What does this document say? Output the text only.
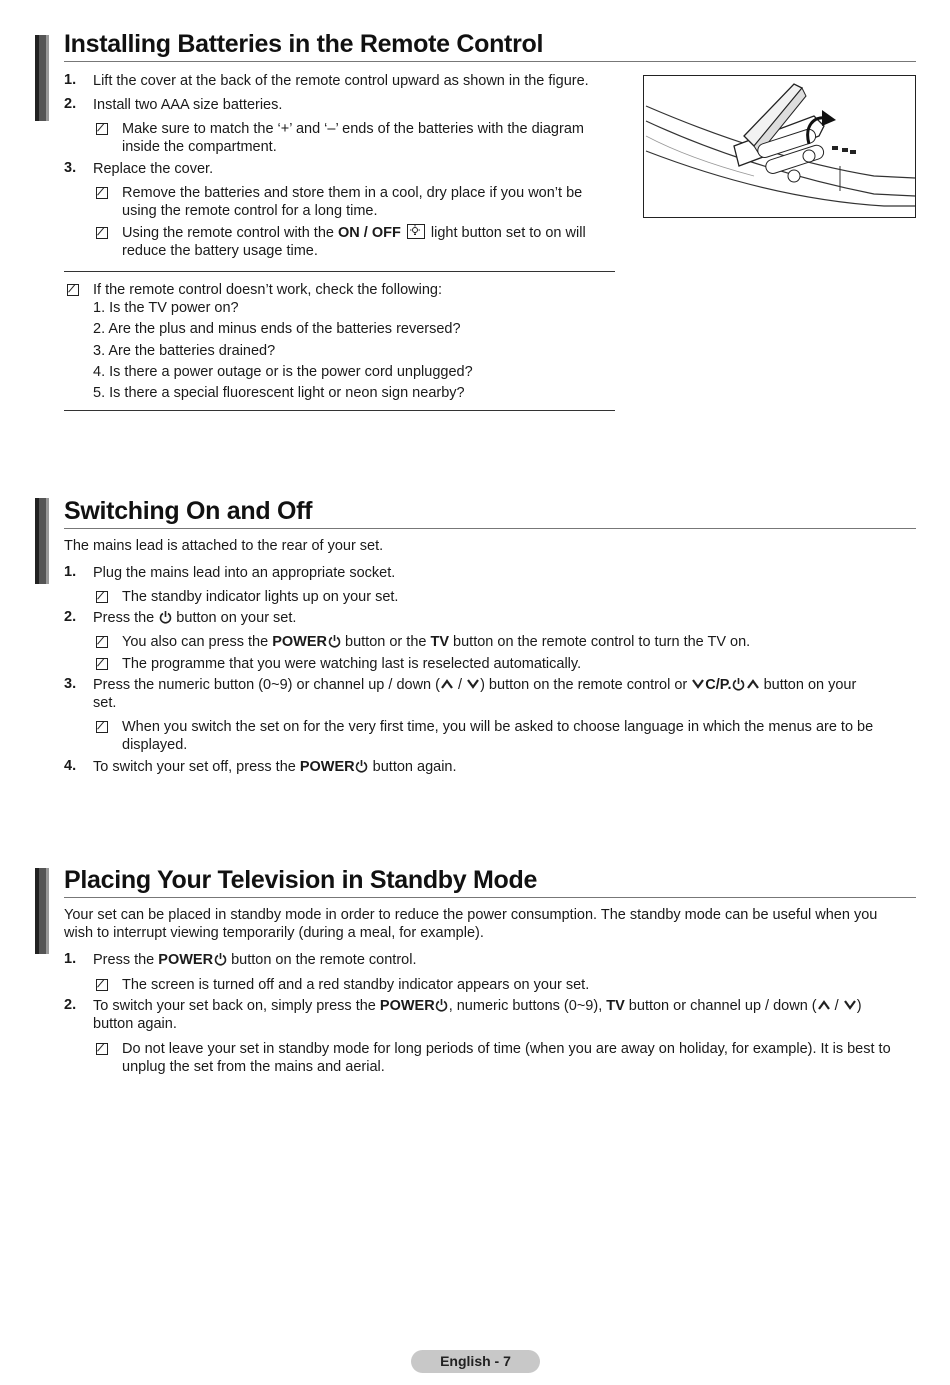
Installing Batteries in the Remote Control
1. Lift the cover at the back of the remote control upward as shown in the figure.
2. Install two AAA size batteries.
Make sure to match the ‘+’ and ‘–’ ends of the batteries with the diagram
inside the compartment.
3. Replace the cover.
Remove the batteries and store them in a cool, dry place if you won’t be
using the remote control for a long time.
Using the remote control with the ON / OFF
light button set to on will
reduce the battery usage time.
If the remote control doesn’t work, check the following:
1. Is the TV power on?
2. Are the plus and minus ends of the batteries reversed?
3. Are the batteries drained?
4. Is there a power outage or is the power cord unplugged?
5. Is there a special fluorescent light or neon sign nearby?
Switching On and Off
The mains lead is attached to the rear of your set.
1. Plug the mains lead into an appropriate socket.
The standby indicator lights up on your set.
2. Press the  button on your set.
You also can press the POWER button or the TV button on the remote control to turn the TV on.
The programme that you were watching last is reselected automatically.
3. Press the numeric button (0~9) or channel up / down ( / ) button on the remote control or C/P. button on your
set.
When you switch the set on for the very first time, you will be asked to choose language in which the menus are to be
displayed.
4. To switch your set off, press the POWER button again.
Placing Your Television in Standby Mode
Your set can be placed in standby mode in order to reduce the power consumption. The standby mode can be useful when you
wish to interrupt viewing temporarily (during a meal, for example).
1. Press the POWER button on the remote control.
The screen is turned off and a red standby indicator appears on your set.
2. To switch your set back on, simply press the POWER , numeric buttons (0~9), TV button or channel up / down ( / )
button again.
Do not leave your set in standby mode for long periods of time (when you are away on holiday, for example). It is best to
unplug the set from the mains and aerial.
English - 7
